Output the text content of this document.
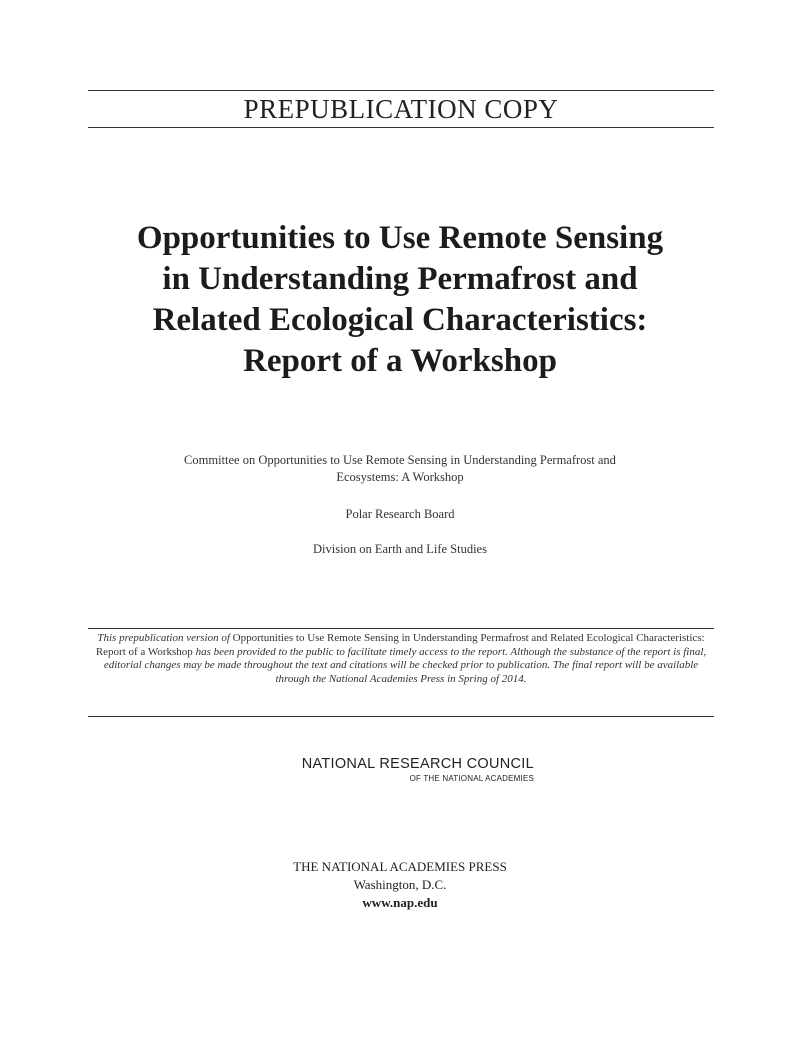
PREPUBLICATION COPY
Opportunities to Use Remote Sensing
in Understanding Permafrost and
Related Ecological Characteristics:
Report of a Workshop
Committee on Opportunities to Use Remote Sensing in Understanding Permafrost and
Ecosystems: A Workshop
Polar Research Board
Division on Earth and Life Studies
This prepublication version of Opportunities to Use Remote Sensing in Understanding Permafrost and Related Ecological Characteristics: Report of a Workshop has been provided to the public to facilitate timely access to the report. Although the substance of the report is final, editorial changes may be made throughout the text and citations will be checked prior to publication. The final report will be available through the National Academies Press in Spring of 2014.
NATIONAL RESEARCH COUNCIL
OF THE NATIONAL ACADEMIES
THE NATIONAL ACADEMIES PRESS
Washington, D.C.
www.nap.edu
